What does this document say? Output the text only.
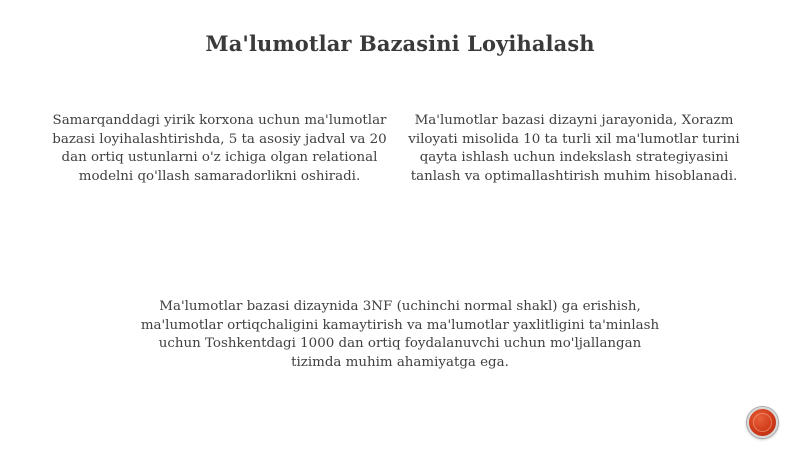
Ma'lumotlar Bazasini Loyihalash

Samarqanddagi yirik korxona uchun ma'lumotlar bazasi loyihalashtirishda, 5 ta asosiy jadval va 20 dan ortiq ustunlarni o'z ichiga olgan relational modelni qo'llash samaradorlikni oshiradi.

Ma'lumotlar bazasi dizayni jarayonida, Xorazm viloyati misolida 10 ta turli xil ma'lumotlar turini qayta ishlash uchun indekslash strategiyasini tanlash va optimallashtirish muhim hisoblanadi.

Ma'lumotlar bazasi dizaynida 3NF (uchinchi normal shakl) ga erishish, ma'lumotlar ortiqchaligini kamaytirish va ma'lumotlar yaxlitligini ta'minlash uchun Toshkentdagi 1000 dan ortiq foydalanuvchi uchun mo'ljallangan tizimda muhim ahamiyatga ega.
